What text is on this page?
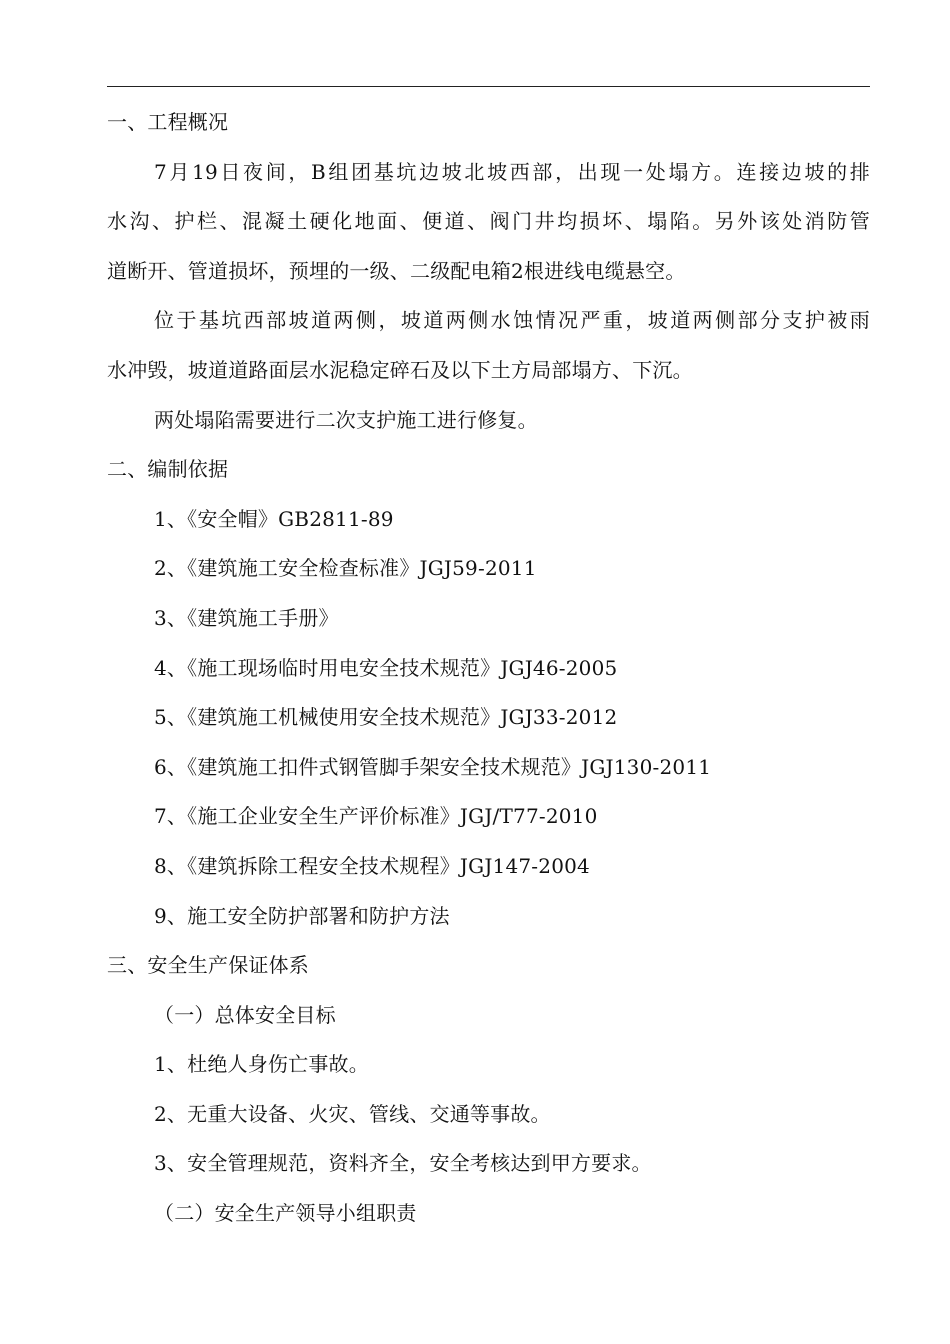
一、工程概况
7月19日夜间，B组团基坑边坡北坡西部，出现一处塌方。连接边坡的排
水沟、护栏、混凝土硬化地面、便道、阀门井均损坏、塌陷。另外该处消防管
道断开、管道损坏，预埋的一级、二级配电箱2根进线电缆悬空。
位于基坑西部坡道两侧，坡道两侧水蚀情况严重，坡道两侧部分支护被雨
水冲毁，坡道道路面层水泥稳定碎石及以下土方局部塌方、下沉。
两处塌陷需要进行二次支护施工进行修复。
二、编制依据
1、《安全帽》GB2811-89
2、《建筑施工安全检查标准》JGJ59-2011
3、《建筑施工手册》
4、《施工现场临时用电安全技术规范》JGJ46-2005
5、《建筑施工机械使用安全技术规范》JGJ33-2012
6、《建筑施工扣件式钢管脚手架安全技术规范》JGJ130-2011
7、《施工企业安全生产评价标准》JGJ/T77-2010
8、《建筑拆除工程安全技术规程》JGJ147-2004
9、施工安全防护部署和防护方法
三、安全生产保证体系
（一）总体安全目标
1、杜绝人身伤亡事故。
2、无重大设备、火灾、管线、交通等事故。
3、安全管理规范，资料齐全，安全考核达到甲方要求。
（二）安全生产领导小组职责
